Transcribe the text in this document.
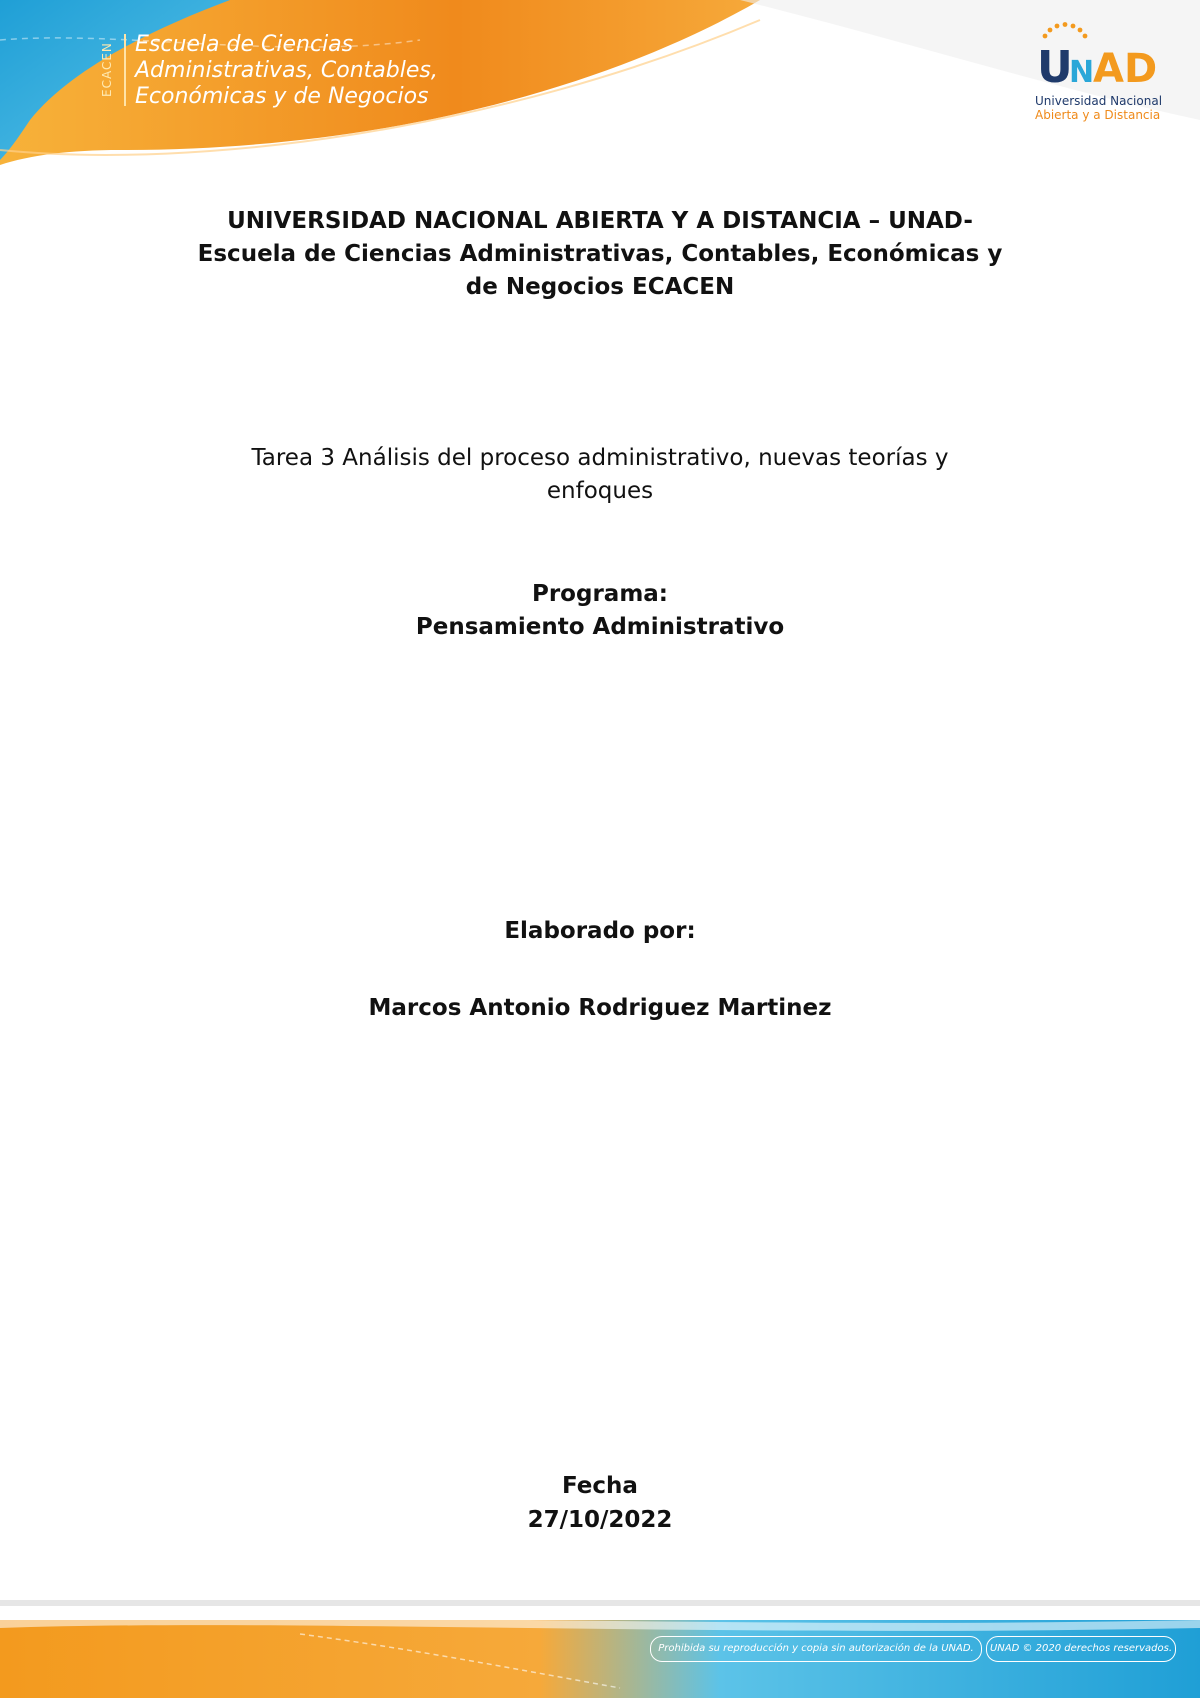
ECACEN Escuela de Ciencias
Administrativas, Contables,
Económicas y de Negocios
U
N
AD
Universidad Nacional
Abierta y a Distancia
UNIVERSIDAD NACIONAL ABIERTA Y A DISTANCIA – UNAD-
Escuela de Ciencias Administrativas, Contables, Económicas y
de Negocios ECACEN
Tarea 3 Análisis del proceso administrativo, nuevas teorías y
enfoques
Programa:
Pensamiento Administrativo
Elaborado por:
Marcos Antonio Rodriguez Martinez
Fecha
27/10/2022
Prohibida su reproducción y copia sin autorización de la UNAD.	UNAD © 2020 derechos reservados.
